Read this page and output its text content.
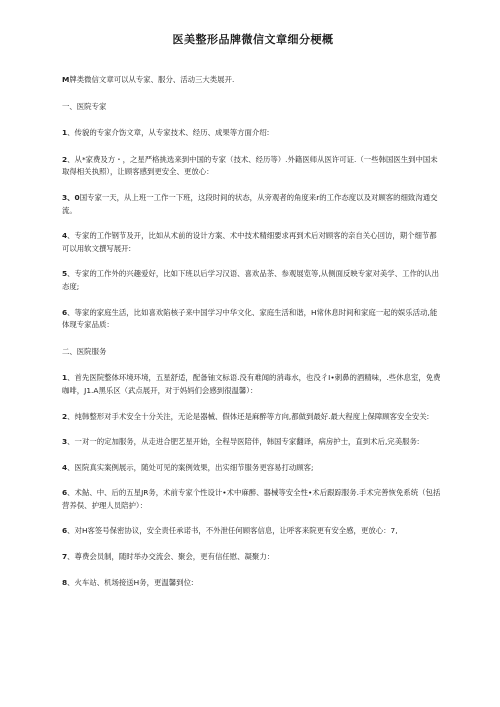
医美整形品牌微信文章细分梗概

M牌类微信文章可以从专家、服分、活动三大类展开.

一、医院专家

1、传貌的专家介饬文章，从专家技术、经历、成果等方面介绍:

2、从*家费及方・，之星严格挑选来到中国的专家（技术、经历等）.外籍医师从医许可证.（一些韩国医生到中国未取得相关执照），让顾客感到更安全、更放心：

3、0国专家一天，从上班一工作一下班，这段时间的状态，从旁观者的角度来r的工作态度以及对顾客的细致沟通交流。

4、专家的工作钢节及开，比如从术前的设计方案、术中技术精细要求再到术后对顾客的亲自关心回访，期个细节都可以用软文撰写展开:

5、专家的工作外的兴趣爱好，比如下班以后学习汉语、喜欢品茶、参观展览等,从侧面反映专家对美学、工作的认出态度;

6、等家的家庭生活，比如喜欢陷核子来中国学习中华文化、家庭生活和谐，H常休息时间和家庭一起的娱乐活动,能体现专家品质：

二、医院服务

1、首先医院整体环境环境，五星舒适，配备铀文标语.没有难闻的消毒水，也没彳I•刺鼻的酒精味，.些休息室，免费咖啡，J1.A黑乐区（武点展开，对于妈妈们会感到很温馨）：

2、纯韩整形对手术安全十分关注，无论是器械、假体还是麻醉等方向,都做到最好.最大程度上保障顾客安全安关:

3、一对一的定加服务，从走进合肥艺星开始，全程导医陪伴，韩国专家翻译，病房护士，直到术后,完美服务:

4、医院真实案例展示，随处可见的案例效果，出实细节服务更容易打动顾客;

6、术鮎、中、后的五星JR务，术前专家个性设计•术中麻醉、器械等安全性•术后跟踪服务.手术完善恢免系统（包括营养俣、护理人员陪护）：

6、对H客签号保密协议，安全责任承诺书，不外泄任何顾客信息，让呼客来院更有安全感，更放心：7,

7、尊费会员制，随时举办交流会、聚会，更有信任慰、凝聚力：

8、火车站、机场接送H务，更温馨到位:
